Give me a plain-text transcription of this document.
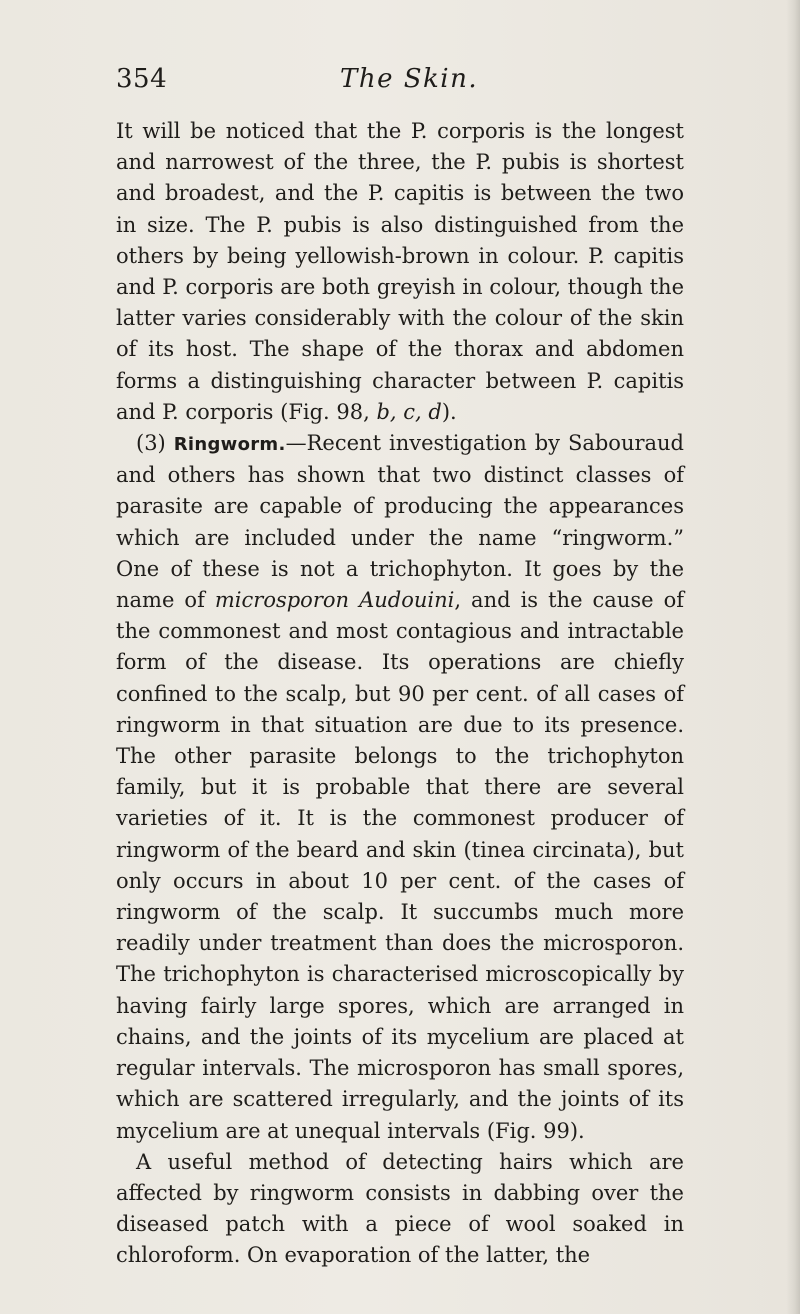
354	The Skin.

It will be noticed that the P. corporis is the longest and narrowest of the three, the P. pubis is shortest and broadest, and the P. capitis is between the two in size. The P. pubis is also distinguished from the others by being yellowish-brown in colour. P. capitis and P. corporis are both greyish in colour, though the latter varies considerably with the colour of the skin of its host. The shape of the thorax and abdomen forms a distinguishing character between P. capitis and P. corporis (Fig. 98, b, c, d).

(3) Ringworm.—Recent investigation by Sabouraud and others has shown that two distinct classes of parasite are capable of producing the appearances which are included under the name “ringworm.” One of these is not a trichophyton. It goes by the name of microsporon Audouini, and is the cause of the commonest and most contagious and intractable form of the disease. Its operations are chiefly confined to the scalp, but 90 per cent. of all cases of ringworm in that situation are due to its presence. The other parasite belongs to the trichophyton family, but it is probable that there are several varieties of it. It is the commonest producer of ringworm of the beard and skin (tinea circinata), but only occurs in about 10 per cent. of the cases of ringworm of the scalp. It succumbs much more readily under treatment than does the microsporon. The trichophyton is characterised microscopically by having fairly large spores, which are arranged in chains, and the joints of its mycelium are placed at regular intervals. The microsporon has small spores, which are scattered irregularly, and the joints of its mycelium are at unequal intervals (Fig. 99).

A useful method of detecting hairs which are affected by ringworm consists in dabbing over the diseased patch with a piece of wool soaked in chloroform. On evaporation of the latter, the
